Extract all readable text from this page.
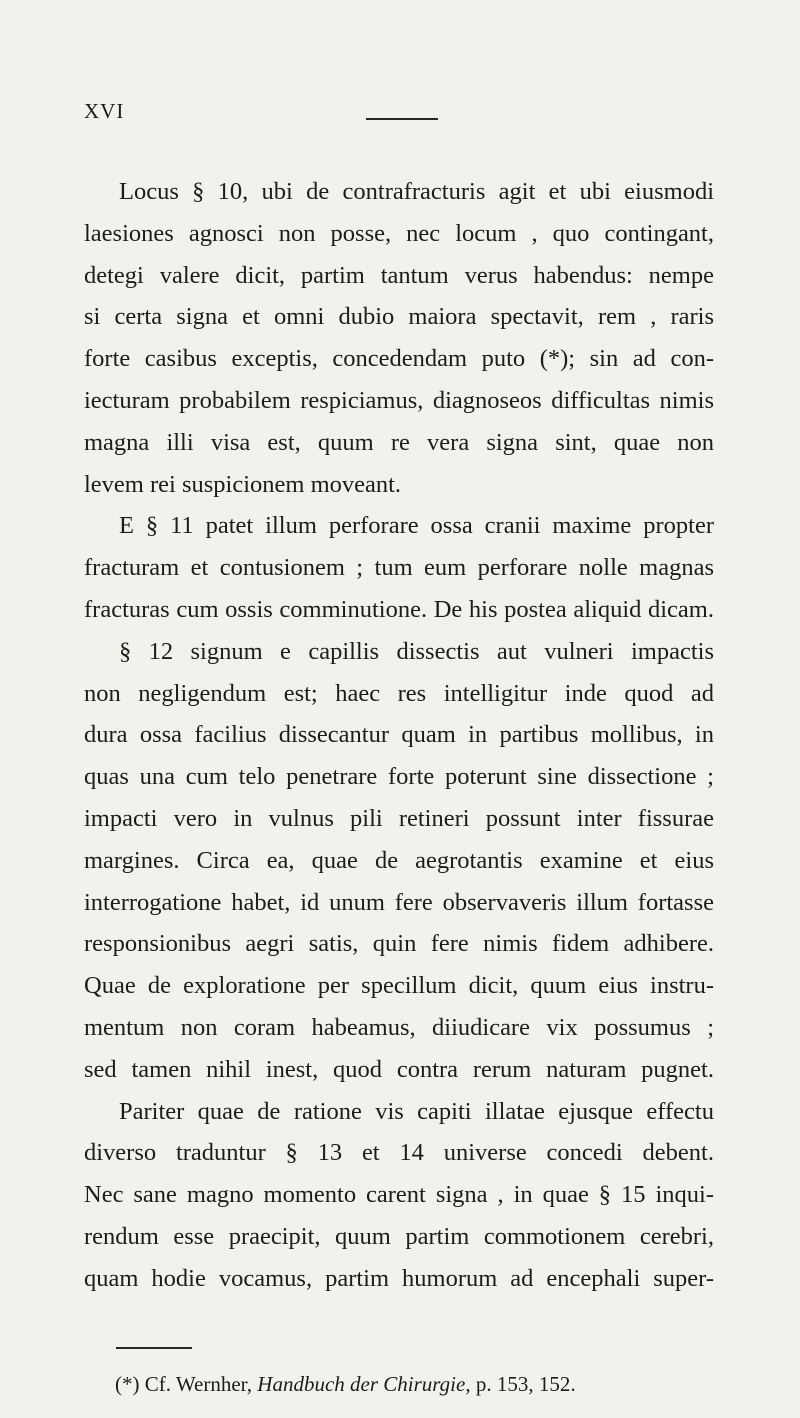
XVI
Locus § 10, ubi de contrafracturis agit et ubi eiusmodi
laesiones agnosci non posse, nec locum , quo contingant,
detegi valere dicit, partim tantum verus habendus: nempe
si certa signa et omni dubio maiora spectavit, rem , raris
forte casibus exceptis, concedendam puto (*); sin ad con-
iecturam probabilem respiciamus, diagnoseos difficultas nimis
magna illi visa est, quum re vera signa sint, quae non
levem rei suspicionem moveant.
E § 11 patet illum perforare ossa cranii maxime propter
fracturam et contusionem ; tum eum perforare nolle magnas
fracturas cum ossis comminutione. De his postea aliquid dicam.
§ 12 signum e capillis dissectis aut vulneri impactis
non negligendum est; haec res intelligitur inde quod ad
dura ossa facilius dissecantur quam in partibus mollibus, in
quas una cum telo penetrare forte poterunt sine dissectione ;
impacti vero in vulnus pili retineri possunt inter fissurae
margines. Circa ea, quae de aegrotantis examine et eius
interrogatione habet, id unum fere observaveris illum fortasse
responsionibus aegri satis, quin fere nimis fidem adhibere.
Quae de exploratione per specillum dicit, quum eius instru-
mentum non coram habeamus, diiudicare vix possumus ;
sed tamen nihil inest, quod contra rerum naturam pugnet.
Pariter quae de ratione vis capiti illatae ejusque effectu
diverso traduntur § 13 et 14 universe concedi debent.
Nec sane magno momento carent signa , in quae § 15 inqui-
rendum esse praecipit, quum partim commotionem cerebri,
quam hodie vocamus, partim humorum ad encephali super-
(*) Cf. Wernher, Handbuch der Chirurgie, p. 153, 152.
